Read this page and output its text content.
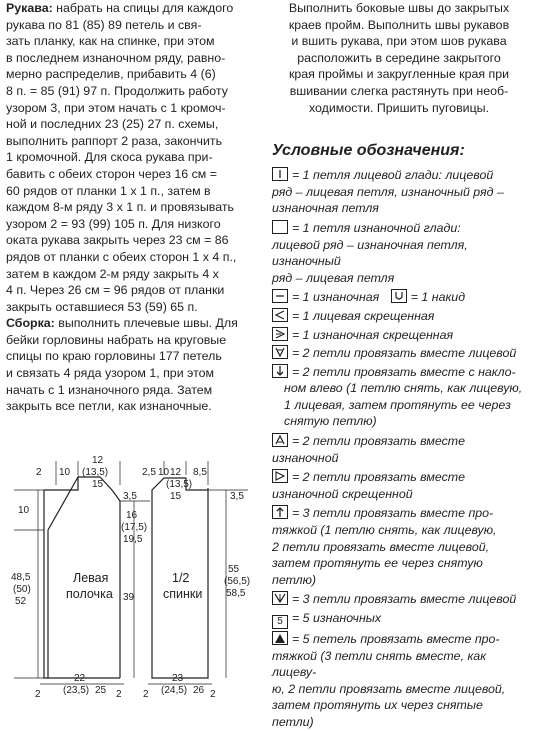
Рукава: набрать на спицы для каждого
рукава по 81 (85) 89 петель и свя-
зать планку, как на спинке, при этом
в последнем изнаночном ряду, равно-
мерно распределив, прибавить 4 (6)
8 п. = 85 (91) 97 п. Продолжить работу
узором 3, при этом начать с 1 кромоч-
ной и последних 23 (25) 27 п. схемы,
выполнить раппорт 2 раза, закончить
1 кромочной. Для скоса рукава при-
бавить с обеих сторон через 16 см =
60 рядов от планки 1 х 1 п., затем в
каждом 8-м ряду 3 х 1 п. и провязывать
узором 2 = 93 (99) 105 п. Для низкого
оката рукава закрыть через 23 см = 86
рядов от планки с обеих сторон 1 х 4 п.,
затем в каждом 2-м ряду закрыть 4 х
4 п. Через 26 см = 96 рядов от планки
закрыть оставшиеся 53 (59) 65 п.
Сборка: выполнить плечевые швы. Для
бейки горловины набрать на круговые
спицы по краю горловины 177 петель
и связать 4 ряда узором 1, при этом
начать с 1 изнаночного ряда. Затем
закрыть все петли, как изнаночные.
Выполнить боковые швы до закрытых
краев пройм. Выполнить швы рукавов
и вшить рукава, при этом шов рукава
расположить в середине закрытого
края проймы и закругленные края при
вшивании слегка растянуть при необ-
ходимости. Пришить пуговицы.
Условные обозначения:

= 1 петля лицевой глади: лицевой
ряд – лицевая петля, изнаночный ряд –
изнаночная петля

= 1 петля изнаночной глади:
лицевой ряд – изнаночная петля, изнаночный
ряд – лицевая петля

= 1 изнаночная	= 1 накид

= 1 лицевая скрещенная

= 1 изнаночная скрещенная

= 2 петли провязать вместе лицевой

= 2 петли провязать вместе с накло-
ном влево (1 петлю снять, как лицевую,
1 лицевая, затем протянуть ее через
снятую петлю)

= 2 петли провязать вместе
изнаночной

= 2 петли провязать вместе
изнаночной скрещенной

= 3 петли провязать вместе про-
тяжкой (1 петлю снять, как лицевую,
2 петли провязать вместе лицевой,
затем протянуть ее через снятую петлю)

= 3 петли провязать вместе лицевой

5 = 5 изнаночных

= 5 петель провязать вместе про-
тяжкой (3 петли снять вместе, как лицеву-
ю, 2 петли провязать вместе лицевой,
затем протянуть их через снятые петли)

Левая
полочка
1/2
спинки
2 10
12
(13,5)
15
2,5 12
(13,5)
15
10 8,5
10
3,5	3,5
16
(17,5)
19,5
48,5
(50)
52	39
55
(56,5)
58,5
2	2
22
(23,5) 25
23
(24,5) 26
2	2
